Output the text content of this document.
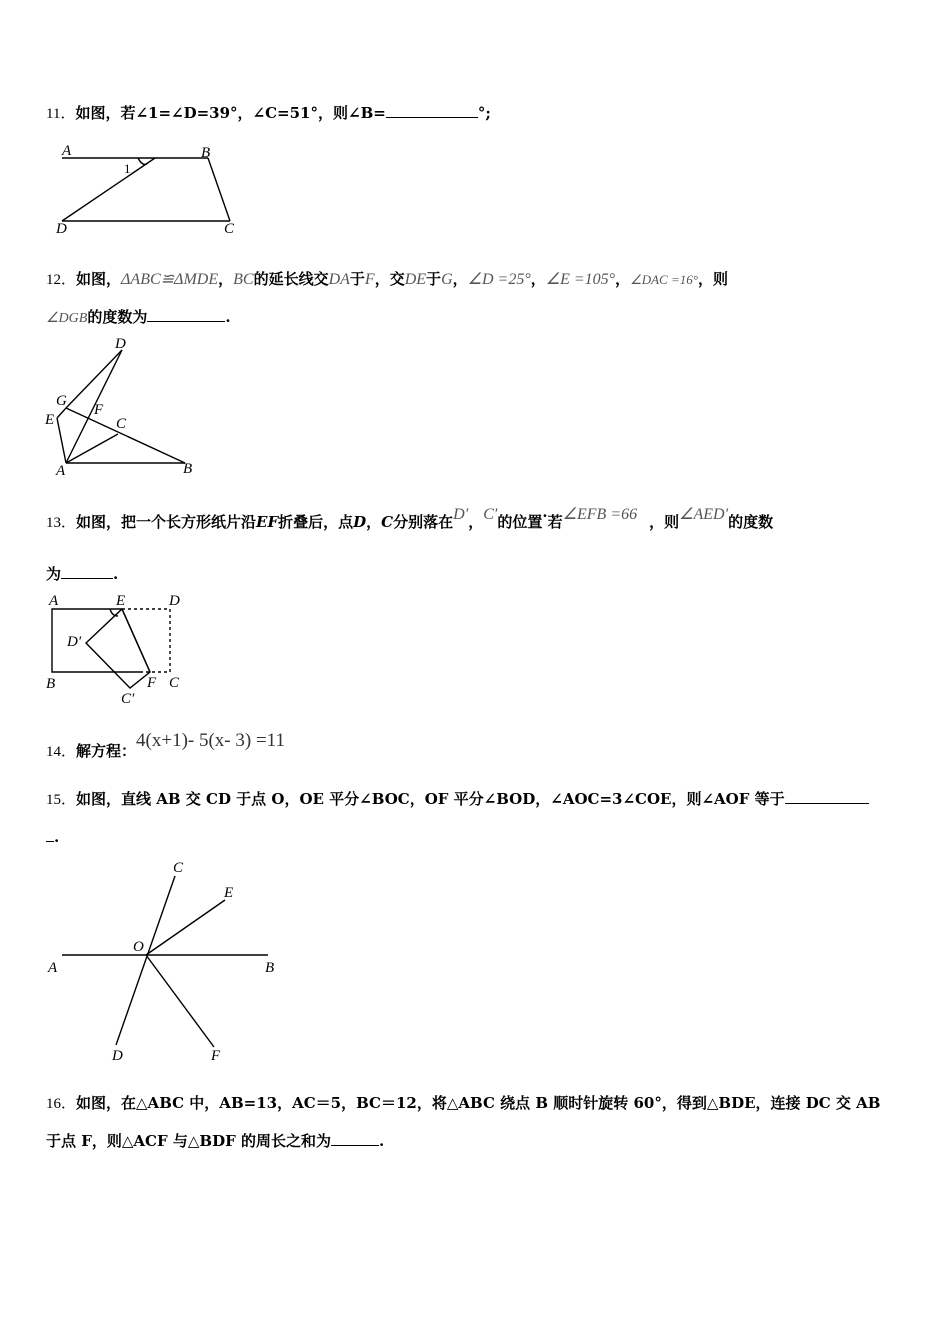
11．如图，若∠1=∠D=39°，∠C=51°，则∠B=	°;
A	B
C
D
1
12．如图，ΔABC≌ΔMDE，BC的延长线交DA于F，交DE于G，∠D =25°，∠E =105°，∠DAC =16°，则
∠DGB的度数为	.
D
G
F
E	C
A	B
13．如图，把一个长方形纸片沿EF折叠后，点D，C分别落在D′，C′的位置·若∠EFB =66 ，则∠AED′的度数
为	.
A	E	D
D′
B	F C
C′
14．解方程：4(x+1)- 5(x- 3) =11
15．如图，直线 AB 交 CD 于点 O，OE 平分∠BOC，OF 平分∠BOD，∠AOC=3∠COE，则∠AOF 等于
.
C
E
O
A	B
D	F
16．如图，在△ABC 中，AB=13，AC＝5，BC＝12，将△ABC 绕点 B 顺时针旋转 60°，得到△BDE，连接 DC 交 AB
于点 F，则△ACF 与△BDF 的周长之和为	.
